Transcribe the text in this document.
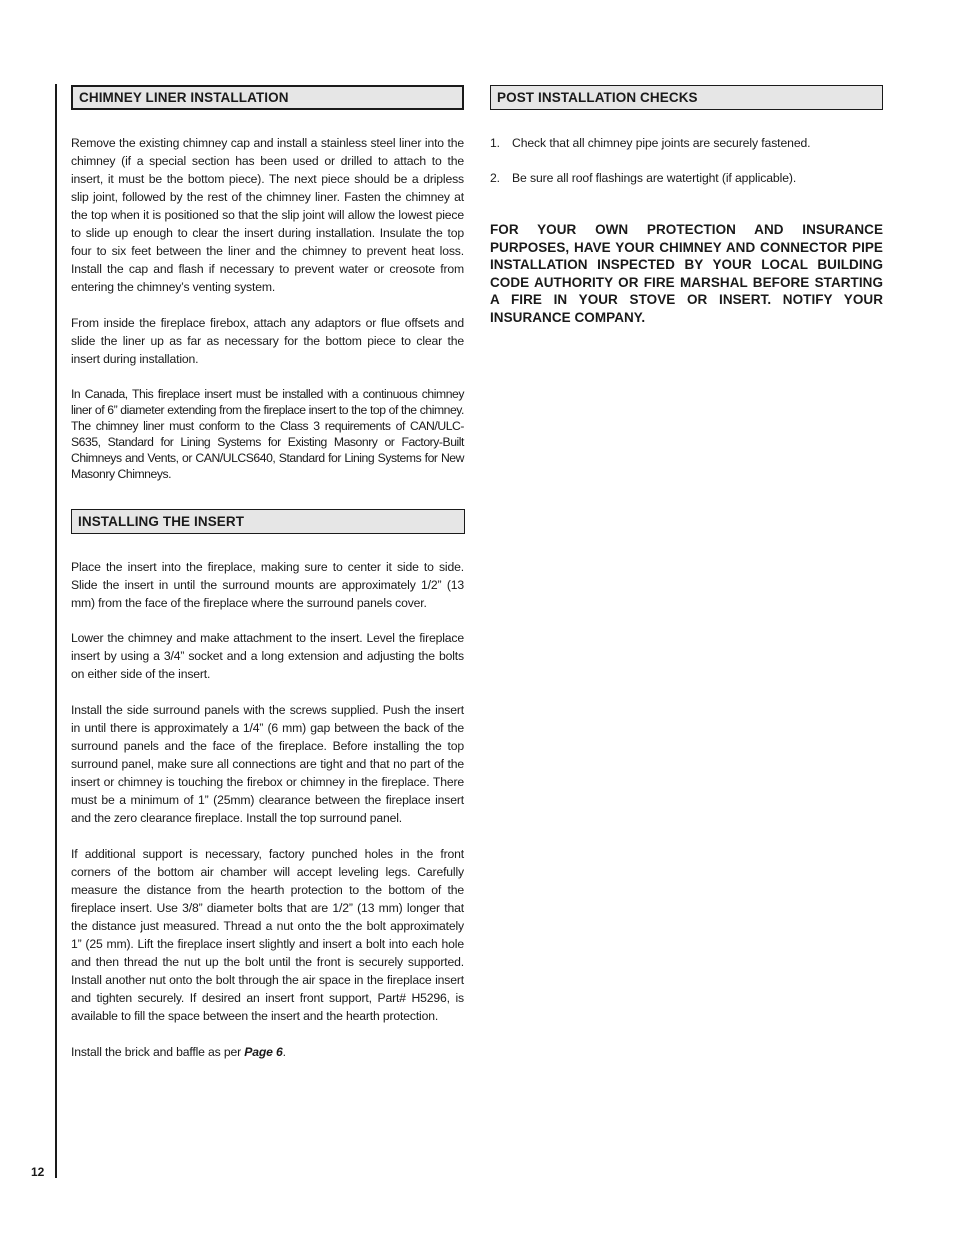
12
CHIMNEY LINER INSTALLATION

Remove the existing chimney cap and install a stainless steel liner into the chimney (if a special section has been used or drilled to attach to the insert, it must be the bottom piece). The next piece should be a dripless slip joint, followed by the rest of the chimney liner. Fasten the chimney at the top when it is positioned so that the slip joint will allow the lowest piece to slide up enough to clear the insert during installation. Insulate the top four to six feet between the liner and the chimney to prevent heat loss. Install the cap and flash if necessary to prevent water or creosote from entering the chimney’s venting system.

From inside the fireplace firebox, attach any adaptors or flue offsets and slide the liner up as far as necessary for the bottom piece to clear the insert during installation.

In Canada, This fireplace insert must be installed with a continuous chimney liner of 6” diameter extending from the fireplace insert to the top of the chimney. The chimney liner must conform to the Class 3 requirements of CAN/ULC-S635, Standard for Lining Systems for Existing Masonry or Factory-Built Chimneys and Vents, or CAN/ULCS640, Standard for Lining Systems for New Masonry Chimneys.

INSTALLING THE INSERT

Place the insert into the fireplace, making sure to center it side to side. Slide the insert in until the surround mounts are approximately 1/2” (13 mm) from the face of the fireplace where the surround panels cover.

Lower the chimney and make attachment to the insert. Level the fireplace insert by using a 3/4” socket and a long extension and adjusting the bolts on either side of the insert.

Install the side surround panels with the screws supplied. Push the insert in until there is approximately a 1/4” (6 mm) gap between the back of the surround panels and the face of the fireplace. Before installing the top surround panel, make sure all connections are tight and that no part of the insert or chimney is touching the firebox or chimney in the fireplace. There must be a minimum of 1” (25mm) clearance between the fireplace insert and the zero clearance fireplace. Install the top surround panel.

If additional support is necessary, factory punched holes in the front corners of the bottom air chamber will accept leveling legs. Carefully measure the distance from the hearth protection to the bottom of the fireplace insert. Use 3/8” diameter bolts that are 1/2” (13 mm) longer that the distance just measured. Thread a nut onto the the bolt approximately 1” (25 mm). Lift the fireplace insert slightly and insert a bolt into each hole and then thread the nut up the bolt until the front is securely supported. Install another nut onto the bolt through the air space in the fireplace insert and tighten securely. If desired an insert front support, Part# H5296, is available to fill the space between the insert and the hearth protection.

Install the brick and baffle as per Page 6.

POST INSTALLATION CHECKS
1. Check that all chimney pipe joints are securely fastened.
2. Be sure all roof flashings are watertight (if applicable).

FOR YOUR OWN PROTECTION AND INSURANCE PURPOSES, HAVE YOUR CHIMNEY AND CONNECTOR PIPE INSTALLATION INSPECTED BY YOUR LOCAL BUILDING CODE AUTHORITY OR FIRE MARSHAL BEFORE STARTING A FIRE IN YOUR STOVE OR INSERT. NOTIFY YOUR INSURANCE COMPANY.
